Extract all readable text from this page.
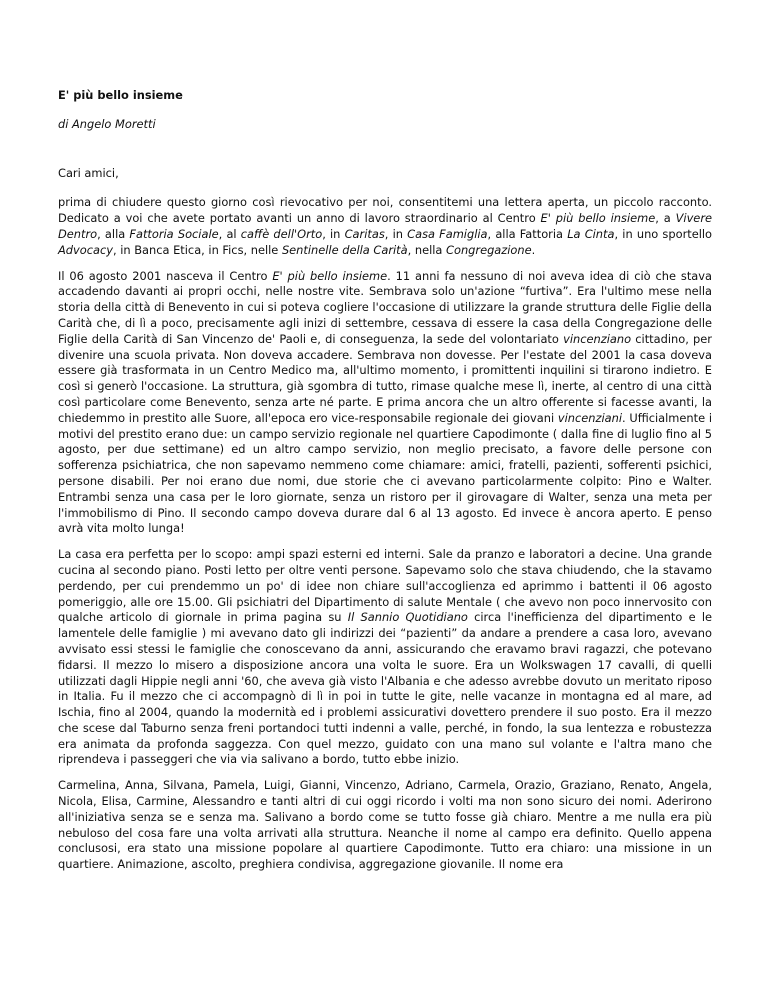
E' più bello insieme
di Angelo Moretti
Cari amici,

prima di chiudere questo giorno così rievocativo per noi, consentitemi una lettera aperta, un piccolo racconto. Dedicato a voi che avete portato avanti un anno di lavoro straordinario al Centro E' più bello insieme, a Vivere Dentro, alla Fattoria Sociale, al caffè dell'Orto, in Caritas, in Casa Famiglia, alla Fattoria La Cinta, in uno sportello Advocacy, in Banca Etica, in Fics, nelle Sentinelle della Carità, nella Congregazione.

Il 06 agosto 2001 nasceva il Centro E' più bello insieme. 11 anni fa nessuno di noi aveva idea di ciò che stava accadendo davanti ai propri occhi, nelle nostre vite. Sembrava solo un'azione “furtiva”. Era l'ultimo mese nella storia della città di Benevento in cui si poteva cogliere l'occasione di utilizzare la grande struttura delle Figlie della Carità che, di lì a poco, precisamente agli inizi di settembre, cessava di essere la casa della Congregazione delle Figlie della Carità di San Vincenzo de' Paoli e, di conseguenza, la sede del volontariato vincenziano cittadino, per divenire una scuola privata. Non doveva accadere. Sembrava non dovesse. Per l'estate del 2001 la casa doveva essere già trasformata in un Centro Medico ma, all'ultimo momento, i promittenti inquilini si tirarono indietro. E così si generò l'occasione. La struttura, già sgombra di tutto, rimase qualche mese lì, inerte, al centro di una città così particolare come Benevento, senza arte né parte. E prima ancora che un altro offerente si facesse avanti, la chiedemmo in prestito alle Suore, all'epoca ero vice-responsabile regionale dei giovani vincenziani. Ufficialmente i motivi del prestito erano due: un campo servizio regionale nel quartiere Capodimonte ( dalla fine di luglio fino al 5 agosto, per due settimane) ed un altro campo servizio, non meglio precisato, a favore delle persone con sofferenza psichiatrica, che non sapevamo nemmeno come chiamare: amici, fratelli, pazienti, sofferenti psichici, persone disabili. Per noi erano due nomi, due storie che ci avevano particolarmente colpito: Pino e Walter. Entrambi senza una casa per le loro giornate, senza un ristoro per il girovagare di Walter, senza una meta per l'immobilismo di Pino. Il secondo campo doveva durare dal 6 al 13 agosto. Ed invece è ancora aperto. E penso avrà vita molto lunga!

La casa era perfetta per lo scopo: ampi spazi esterni ed interni. Sale da pranzo e laboratori a decine. Una grande cucina al secondo piano. Posti letto per oltre venti persone. Sapevamo solo che stava chiudendo, che la stavamo perdendo, per cui prendemmo un po' di idee non chiare sull'accoglienza ed aprimmo i battenti il 06 agosto pomeriggio, alle ore 15.00. Gli psichiatri del Dipartimento di salute Mentale ( che avevo non poco innervosito con qualche articolo di giornale in prima pagina su Il Sannio Quotidiano circa l'inefficienza del dipartimento e le lamentele delle famiglie ) mi avevano dato gli indirizzi dei “pazienti” da andare a prendere a casa loro, avevano avvisato essi stessi le famiglie che conoscevano da anni, assicurando che eravamo bravi ragazzi, che potevano fidarsi. Il mezzo lo misero a disposizione ancora una volta le suore. Era un Wolkswagen 17 cavalli, di quelli utilizzati dagli Hippie negli anni '60, che aveva già visto l'Albania e che adesso avrebbe dovuto un meritato riposo in Italia. Fu il mezzo che ci accompagnò di lì in poi in tutte le gite, nelle vacanze in montagna ed al mare, ad Ischia, fino al 2004, quando la modernità ed i problemi assicurativi dovettero prendere il suo posto. Era il mezzo che scese dal Taburno senza freni portandoci tutti indenni a valle, perché, in fondo, la sua lentezza e robustezza era animata da profonda saggezza. Con quel mezzo, guidato con una mano sul volante e l'altra mano che riprendeva i passeggeri che via via salivano a bordo, tutto ebbe inizio.

Carmelina, Anna, Silvana, Pamela, Luigi, Gianni, Vincenzo, Adriano, Carmela, Orazio, Graziano, Renato, Angela, Nicola, Elisa, Carmine, Alessandro e tanti altri di cui oggi ricordo i volti ma non sono sicuro dei nomi. Aderirono all'iniziativa senza se e senza ma. Salivano a bordo come se tutto fosse già chiaro. Mentre a me nulla era più nebuloso del cosa fare una volta arrivati alla struttura. Neanche il nome al campo era definito. Quello appena conclusosi, era stato una missione popolare al quartiere Capodimonte. Tutto era chiaro: una missione in un quartiere. Animazione, ascolto, preghiera condivisa, aggregazione giovanile. Il nome era
